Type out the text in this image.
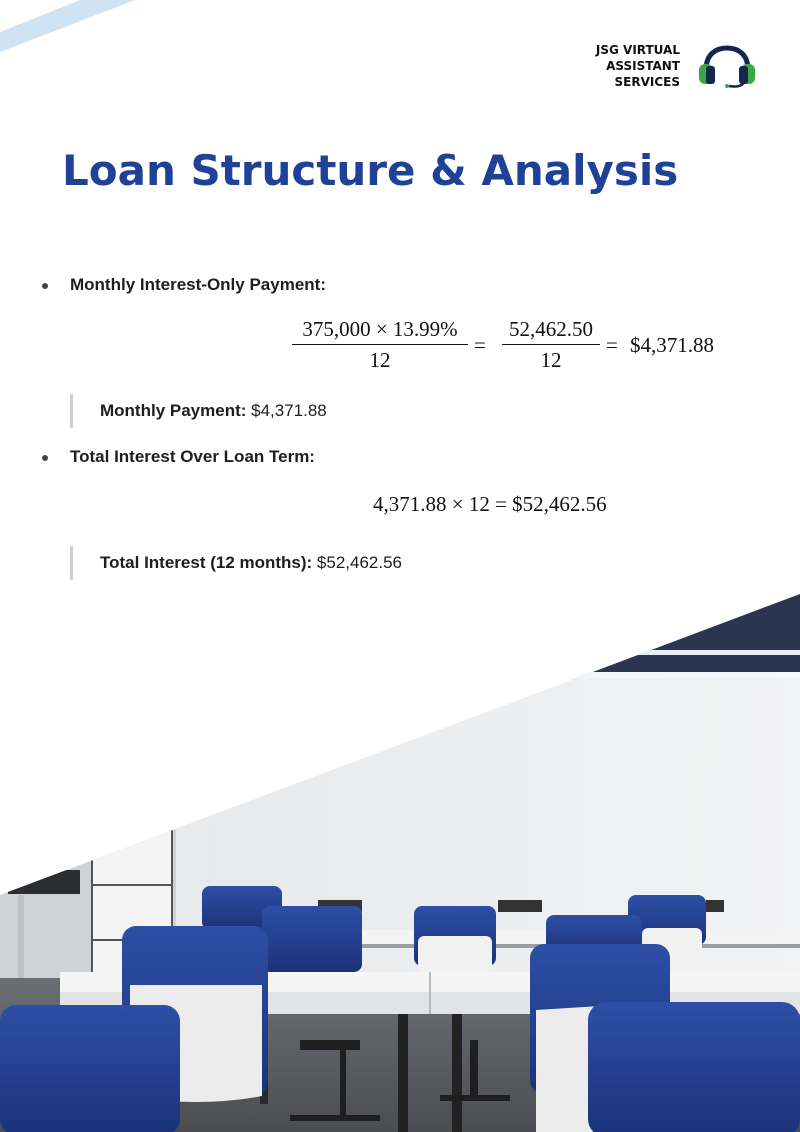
JSG VIRTUAL
ASSISTANT
SERVICES
Loan Structure & Analysis
Monthly Interest-Only Payment:
$\frac{375,000 \times 13.99\%}{12} = \frac{52,462.50}{12}$ = $4,371.88
Monthly Payment: $4,371.88
Total Interest Over Loan Term:
4,371.88 × 12 = $52,462.56
Total Interest (12 months): $52,462.56
